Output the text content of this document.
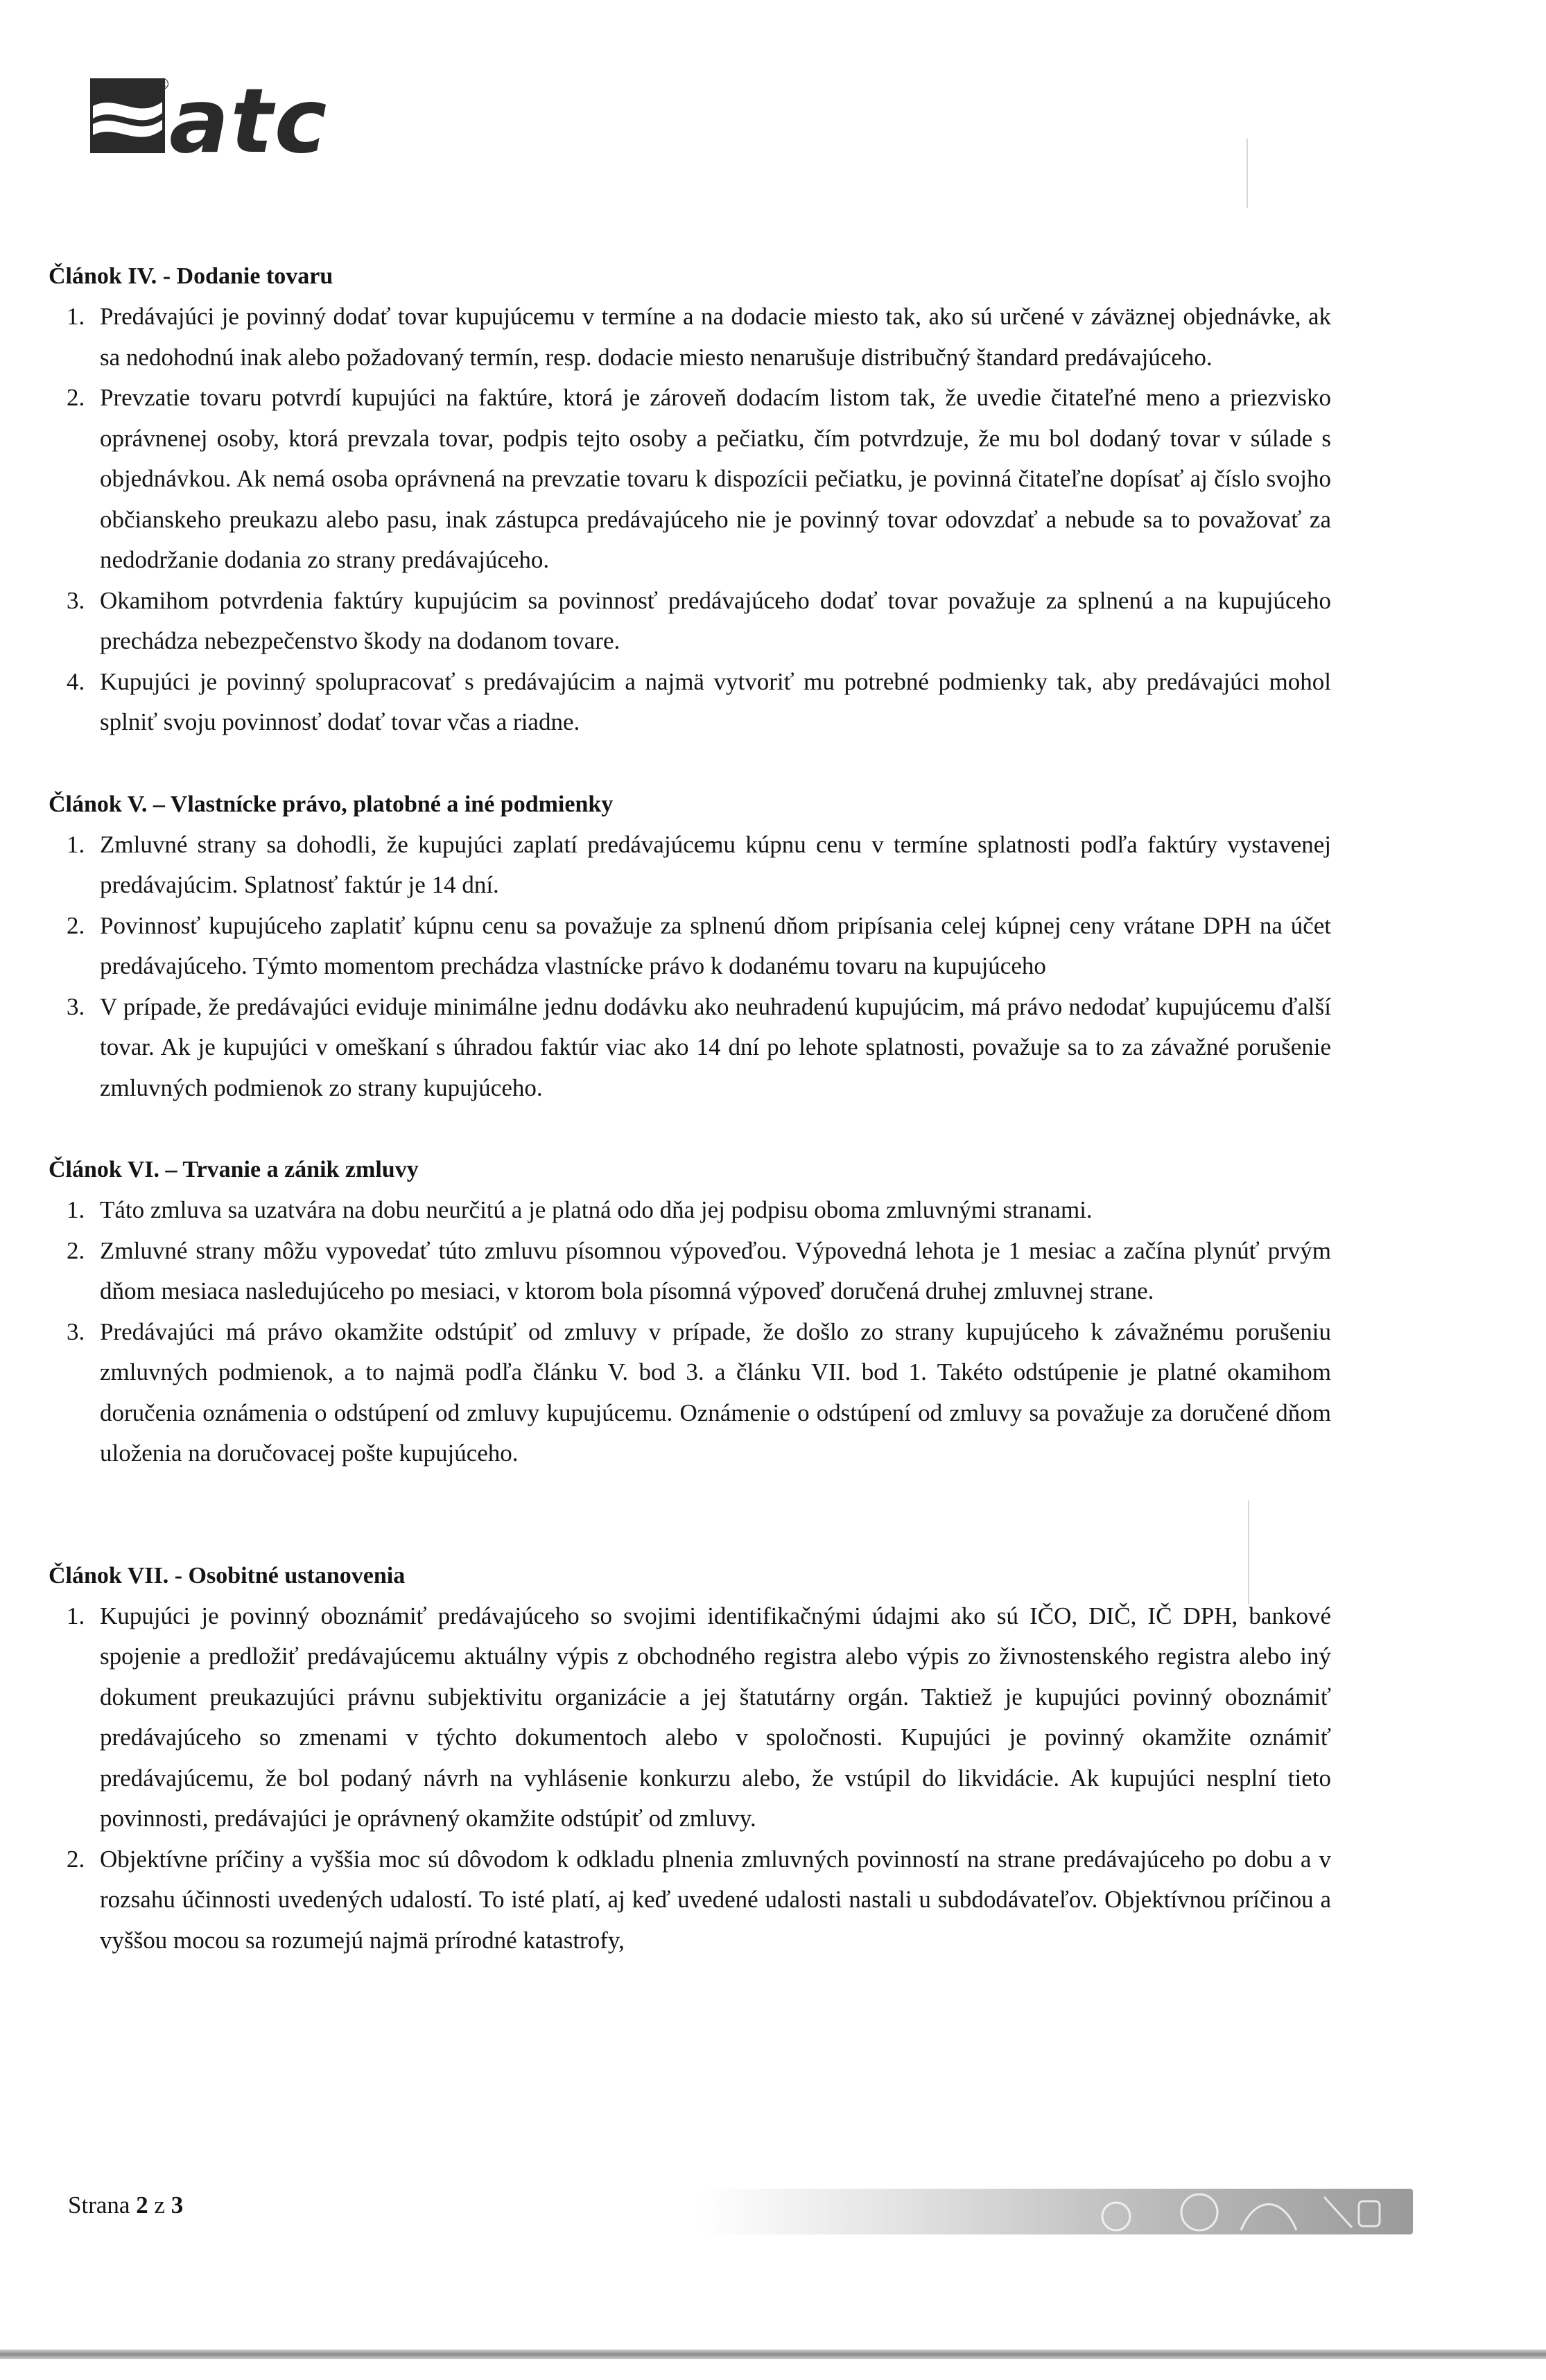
®
atc
Článok IV. - Dodanie tovaru
1. Predávajúci je povinný dodať tovar kupujúcemu v termíne a na dodacie miesto tak, ako sú určené v záväznej objednávke, ak sa nedohodnú inak alebo požadovaný termín, resp. dodacie miesto nenarušuje distribučný štandard predávajúceho.
2. Prevzatie tovaru potvrdí kupujúci na faktúre, ktorá je zároveň dodacím listom tak, že uvedie čitateľné meno a priezvisko oprávnenej osoby, ktorá prevzala tovar, podpis tejto osoby a pečiatku, čím potvrdzuje, že mu bol dodaný tovar v súlade s objednávkou. Ak nemá osoba oprávnená na prevzatie tovaru k dispozícii pečiatku, je povinná čitateľne dopísať aj číslo svojho občianskeho preukazu alebo pasu, inak zástupca predávajúceho nie je povinný tovar odovzdať a nebude sa to považovať za nedodržanie dodania zo strany predávajúceho.
3. Okamihom potvrdenia faktúry kupujúcim sa povinnosť predávajúceho dodať tovar považuje za splnenú a na kupujúceho prechádza nebezpečenstvo škody na dodanom tovare.
4. Kupujúci je povinný spolupracovať s predávajúcim a najmä vytvoriť mu potrebné podmienky tak, aby predávajúci mohol splniť svoju povinnosť dodať tovar včas a riadne.
Článok V. – Vlastnícke právo, platobné a iné podmienky
1. Zmluvné strany sa dohodli, že kupujúci zaplatí predávajúcemu kúpnu cenu v termíne splatnosti podľa faktúry vystavenej predávajúcim. Splatnosť faktúr je 14 dní.
2. Povinnosť kupujúceho zaplatiť kúpnu cenu sa považuje za splnenú dňom pripísania celej kúpnej ceny vrátane DPH na účet predávajúceho. Týmto momentom prechádza vlastnícke právo k dodanému tovaru na kupujúceho
3. V prípade, že predávajúci eviduje minimálne jednu dodávku ako neuhradenú kupujúcim, má právo nedodať kupujúcemu ďalší tovar. Ak je kupujúci v omeškaní s úhradou faktúr viac ako 14 dní po lehote splatnosti, považuje sa to za závažné porušenie zmluvných podmienok zo strany kupujúceho.
Článok VI. – Trvanie a zánik zmluvy
1. Táto zmluva sa uzatvára na dobu neurčitú a je platná odo dňa jej podpisu oboma zmluvnými stranami.
2. Zmluvné strany môžu vypovedať túto zmluvu písomnou výpoveďou. Výpovedná lehota je 1 mesiac a začína plynúť prvým dňom mesiaca nasledujúceho po mesiaci, v ktorom bola písomná výpoveď doručená druhej zmluvnej strane.
3. Predávajúci má právo okamžite odstúpiť od zmluvy v prípade, že došlo zo strany kupujúceho k závažnému porušeniu zmluvných podmienok, a to najmä podľa článku V. bod 3. a článku VII. bod 1. Takéto odstúpenie je platné okamihom doručenia oznámenia o odstúpení od zmluvy kupujúcemu. Oznámenie o odstúpení od zmluvy sa považuje za doručené dňom uloženia na doručovacej pošte kupujúceho.
Článok VII. - Osobitné ustanovenia
1. Kupujúci je povinný oboznámiť predávajúceho so svojimi identifikačnými údajmi ako sú IČO, DIČ, IČ DPH, bankové spojenie a predložiť predávajúcemu aktuálny výpis z obchodného registra alebo výpis zo živnostenského registra alebo iný dokument preukazujúci právnu subjektivitu organizácie a jej štatutárny orgán. Taktiež je kupujúci povinný oboznámiť predávajúceho so zmenami v týchto dokumentoch alebo v spoločnosti. Kupujúci je povinný okamžite oznámiť predávajúcemu, že bol podaný návrh na vyhlásenie konkurzu alebo, že vstúpil do likvidácie. Ak kupujúci nesplní tieto povinnosti, predávajúci je oprávnený okamžite odstúpiť od zmluvy.
2. Objektívne príčiny a vyššia moc sú dôvodom k odkladu plnenia zmluvných povinností na strane predávajúceho po dobu a v rozsahu účinnosti uvedených udalostí. To isté platí, aj keď uvedené udalosti nastali u subdodávateľov. Objektívnou príčinou a vyššou mocou sa rozumejú najmä prírodné katastrofy,
Strana 2 z 3
